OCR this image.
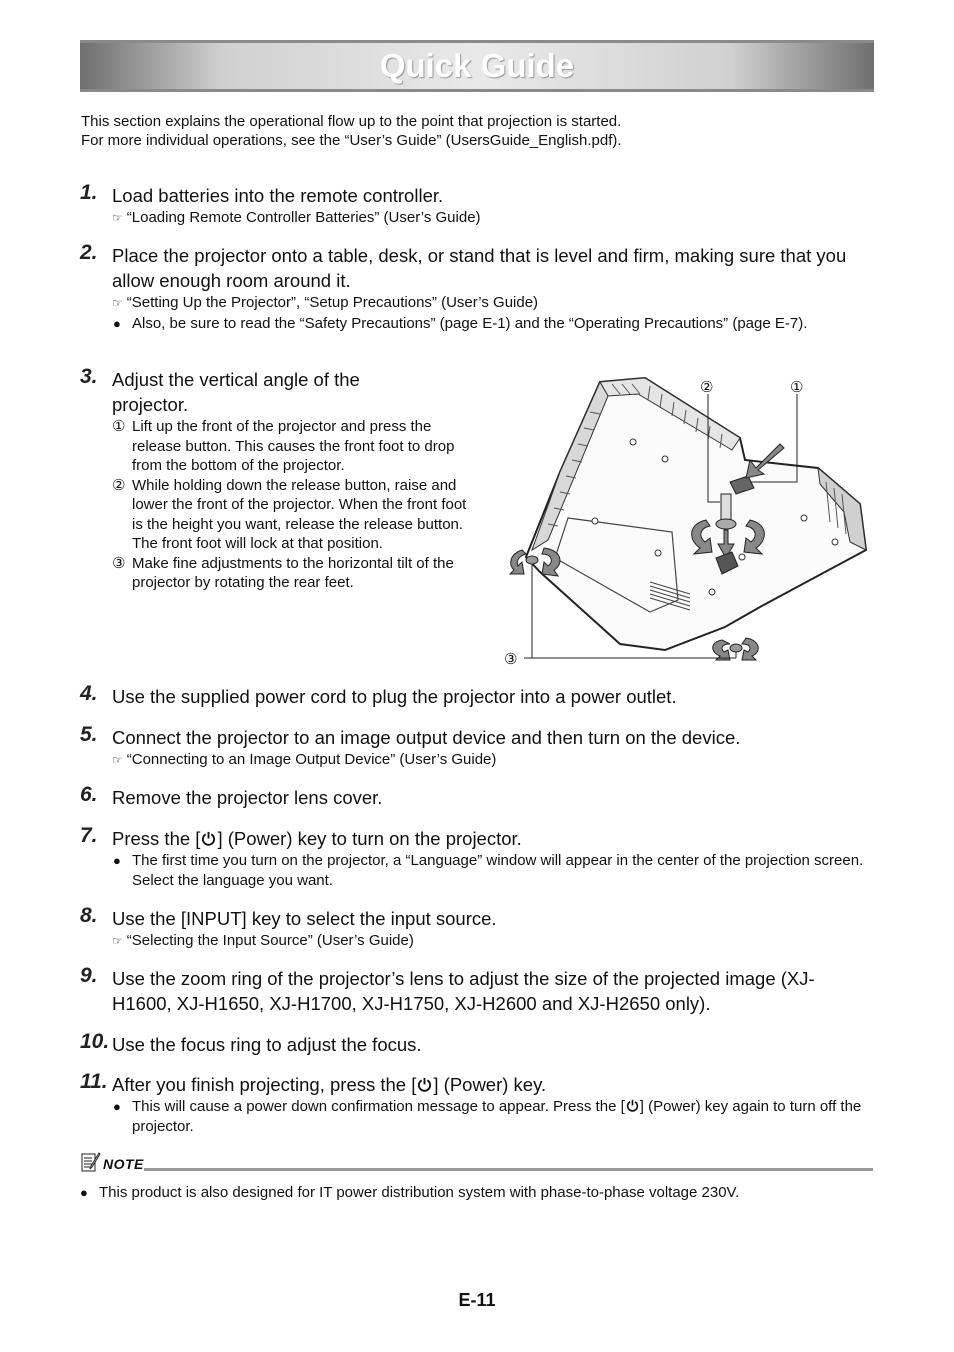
Quick Guide

This section explains the operational flow up to the point that projection is started.

For more individual operations, see the “User’s Guide” (UsersGuide_English.pdf).

1. Load batteries into the remote controller.
☞ “Loading Remote Controller Batteries” (User’s Guide)
2. Place the projector onto a table, desk, or stand that is level and firm, making sure that you allow enough room around it.
☞ “Setting Up the Projector”, “Setup Precautions” (User’s Guide)
● Also, be sure to read the “Safety Precautions” (page E-1) and the “Operating Precautions” (page E-7).
3. Adjust the vertical angle of the projector.
① Lift up the front of the projector and press the release button. This causes the front foot to drop from the bottom of the projector.
② While holding down the release button, raise and lower the front of the projector. When the front foot is the height you want, release the release button. The front foot will lock at that position.
③ Make fine adjustments to the horizontal tilt of the projector by rotating the rear feet.
②	①
③
4. Use the supplied power cord to plug the projector into a power outlet.
5. Connect the projector to an image output device and then turn on the device.
☞ “Connecting to an Image Output Device” (User’s Guide)
6. Remove the projector lens cover.
7. Press the [ ] (Power) key to turn on the projector.
● The first time you turn on the projector, a “Language” window will appear in the center of the projection screen. Select the language you want.
8. Use the [INPUT] key to select the input source.
☞ “Selecting the Input Source” (User’s Guide)
9. Use the zoom ring of the projector’s lens to adjust the size of the projected image (XJ-H1600, XJ-H1650, XJ-H1700, XJ-H1750, XJ-H2600 and XJ-H2650 only).
10. Use the focus ring to adjust the focus.
11. After you finish projecting, press the [ ] (Power) key.
● This will cause a power down confirmation message to appear. Press the [ ] (Power) key again to turn off the projector.
NOTE
● This product is also designed for IT power distribution system with phase-to-phase voltage 230V.
E-11
